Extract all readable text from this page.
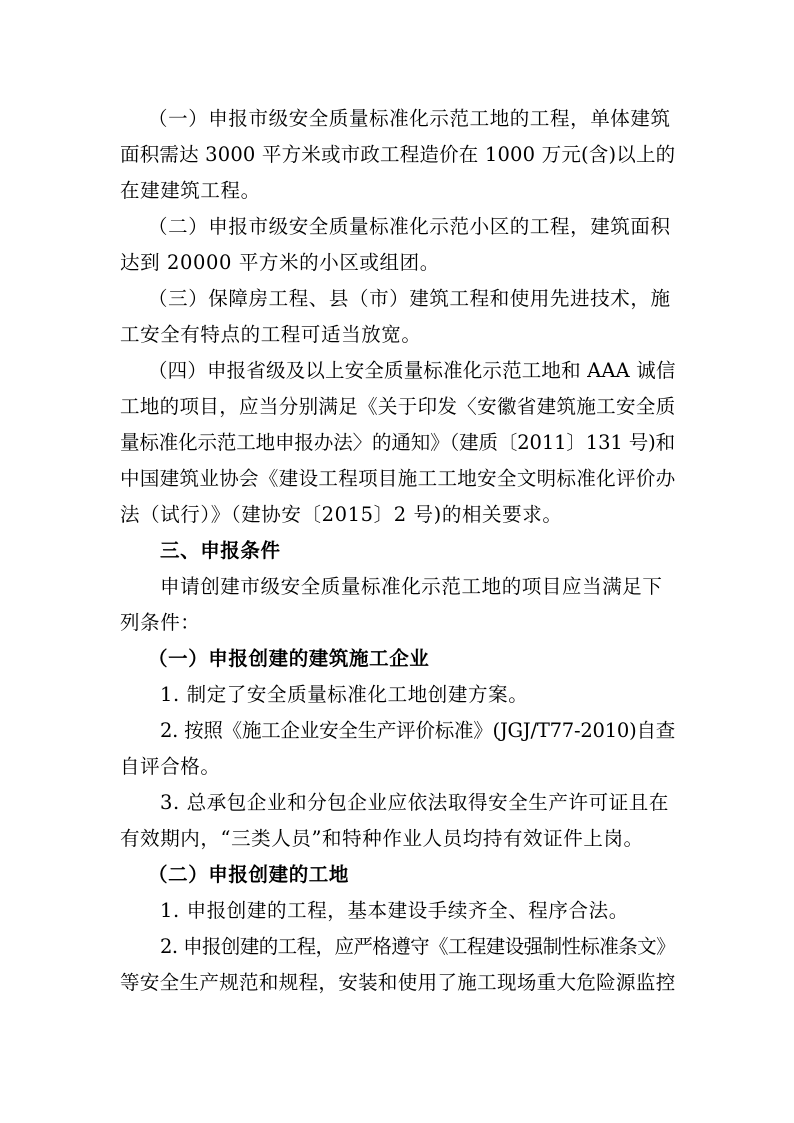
（一）申报市级安全质量标准化示范工地的工程，单体建筑
面积需达 3000 平方米或市政工程造价在 1000 万元(含)以上的
在建建筑工程。
（二）申报市级安全质量标准化示范小区的工程，建筑面积
达到 20000 平方米的小区或组团。
（三）保障房工程、县（市）建筑工程和使用先进技术，施
工安全有特点的工程可适当放宽。
（四）申报省级及以上安全质量标准化示范工地和 AAA 诚信
工地的项目，应当分别满足《关于印发〈安徽省建筑施工安全质
量标准化示范工地申报办法〉的通知》（建质〔2011〕131 号)和
中国建筑业协会《建设工程项目施工工地安全文明标准化评价办
法（试行）》（建协安〔2015〕2 号)的相关要求。
三、申报条件
申请创建市级安全质量标准化示范工地的项目应当满足下
列条件：
（一）申报创建的建筑施工企业
1. 制定了安全质量标准化工地创建方案。
2. 按照《施工企业安全生产评价标准》(JGJ/T77-2010)自查
自评合格。
3. 总承包企业和分包企业应依法取得安全生产许可证且在
有效期内，“三类人员”和特种作业人员均持有效证件上岗。
（二）申报创建的工地
1. 申报创建的工程，基本建设手续齐全、程序合法。
2. 申报创建的工程，应严格遵守《工程建设强制性标准条文》
等安全生产规范和规程，安装和使用了施工现场重大危险源监控
